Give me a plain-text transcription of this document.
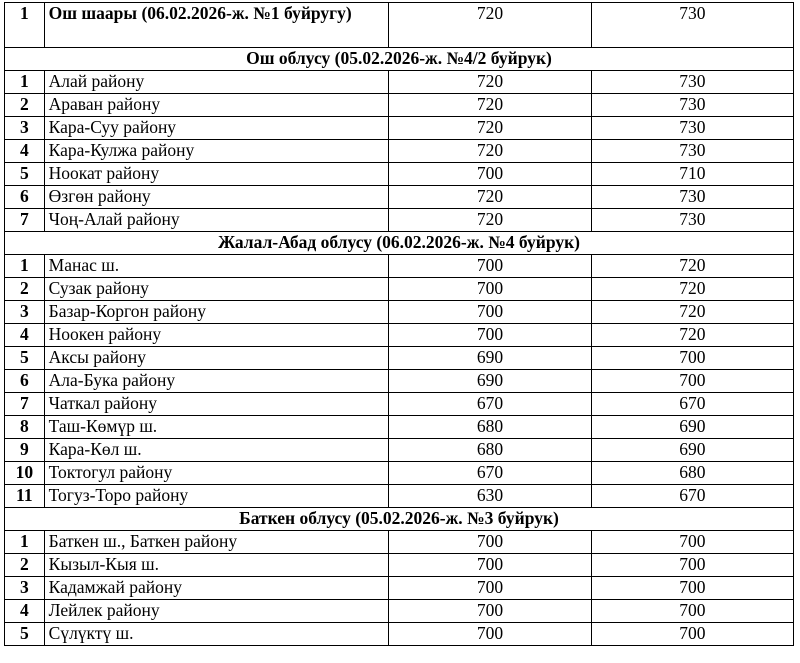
1	Ош шаары (06.02.2026-ж. №1 буйругу)	720	730
Ош облусу (05.02.2026-ж. №4/2 буйрук)			
1	Алай району	720	730
2	Араван району	720	730
3	Кара-Суу району	720	730
4	Кара-Кулжа району	720	730
5	Ноокат району	700	710
6	Өзгөн району	720	730
7	Чоң-Алай району	720	730
Жалал-Абад облусу (06.02.2026-ж. №4 буйрук)			
1	Манас ш.	700	720
2	Сузак району	700	720
3	Базар-Коргон району	700	720
4	Ноокен району	700	720
5	Аксы району	690	700
6	Ала-Бука району	690	700
7	Чаткал району	670	670
8	Таш-Көмүр ш.	680	690
9	Кара-Көл ш.	680	690
10	Токтогул району	670	680
11	Тогуз-Торо району	630	670
Баткен облусу (05.02.2026-ж. №3 буйрук)			
1	Баткен ш., Баткен району	700	700
2	Кызыл-Кыя ш.	700	700
3	Кадамжай району	700	700
4	Лейлек району	700	700
5	Сүлүктү ш.	700	700
